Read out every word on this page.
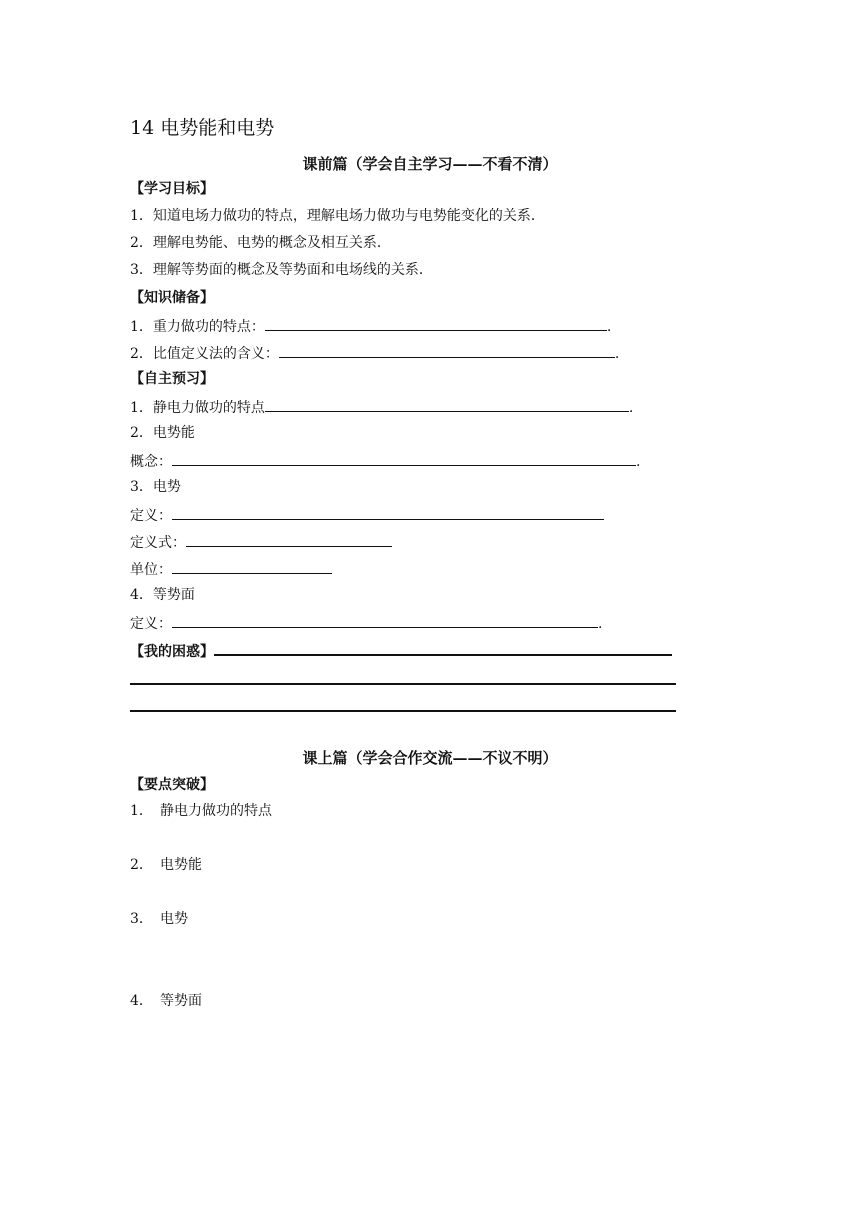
14 电势能和电势
课前篇（学会自主学习——不看不清）
【学习目标】
1．知道电场力做功的特点，理解电场力做功与电势能变化的关系．
2．理解电势能、电势的概念及相互关系．
3．理解等势面的概念及等势面和电场线的关系．
【知识储备】
1．重力做功的特点：	.
2．比值定义法的含义：	.
【自主预习】
1．静电力做功的特点	.
2．电势能
概念：	.
3．电势
定义：
定义式：
单位：
4．等势面
定义：	.
【我的困惑】
课上篇（学会合作交流——不议不明）
【要点突破】
1． 静电力做功的特点
2． 电势能
3． 电势
4． 等势面
